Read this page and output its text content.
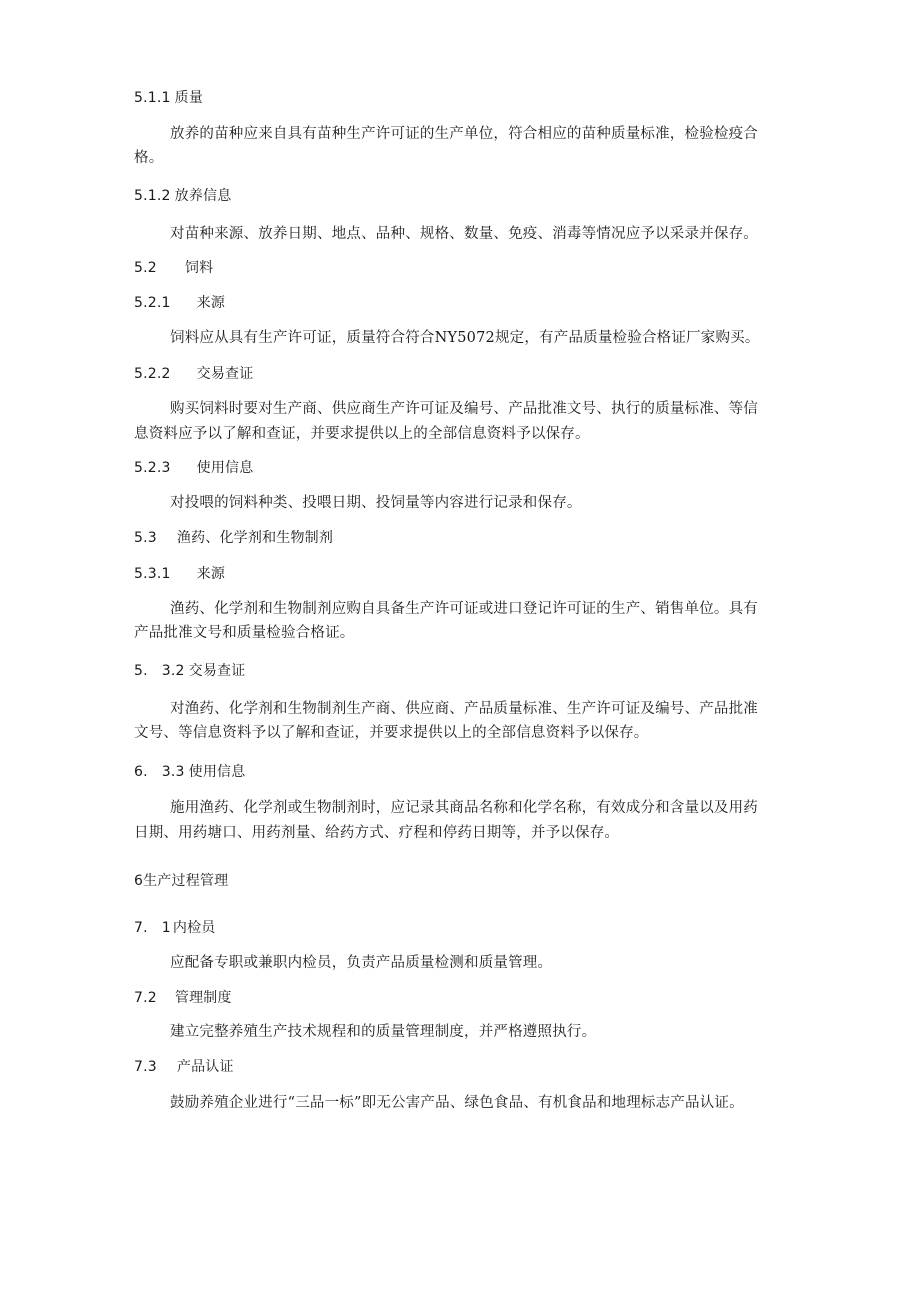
5.1.1 质量
放养的苗种应来自具有苗种生产许可证的生产单位，符合相应的苗种质量标准，检验检疫合
格。
5.1.2 放养信息
对苗种来源、放养日期、地点、品种、规格、数量、免疫、消毒等情况应予以采录并保存。
5.2 饲料
5.2.1 来源
饲料应从具有生产许可证，质量符合符合NY5072规定，有产品质量检验合格证厂家购买。
5.2.2 交易查证
购买饲料时要对生产商、供应商生产许可证及编号、产品批准文号、执行的质量标准、等信
息资料应予以了解和查证，并要求提供以上的全部信息资料予以保存。
5.2.3 使用信息
对投喂的饲料种类、投喂日期、投饲量等内容进行记录和保存。
5.3 渔药、化学剂和生物制剂
5.3.1 来源
渔药、化学剂和生物制剂应购自具备生产许可证或进口登记许可证的生产、销售单位。具有
产品批准文号和质量检验合格证。
5. 3.2 交易查证
对渔药、化学剂和生物制剂生产商、供应商、产品质量标准、生产许可证及编号、产品批准
文号、等信息资料予以了解和查证，并要求提供以上的全部信息资料予以保存。
6. 3.3 使用信息
施用渔药、化学剂或生物制剂时，应记录其商品名称和化学名称，有效成分和含量以及用药
日期、用药塘口、用药剂量、给药方式、疗程和停药日期等，并予以保存。
6生产过程管理
7. 1 内检员
应配备专职或兼职内检员，负责产品质量检测和质量管理。
7.2 管理制度
建立完整养殖生产技术规程和的质量管理制度，并严格遵照执行。
7.3 产品认证
鼓励养殖企业进行“三品一标”即无公害产品、绿色食品、有机食品和地理标志产品认证。
